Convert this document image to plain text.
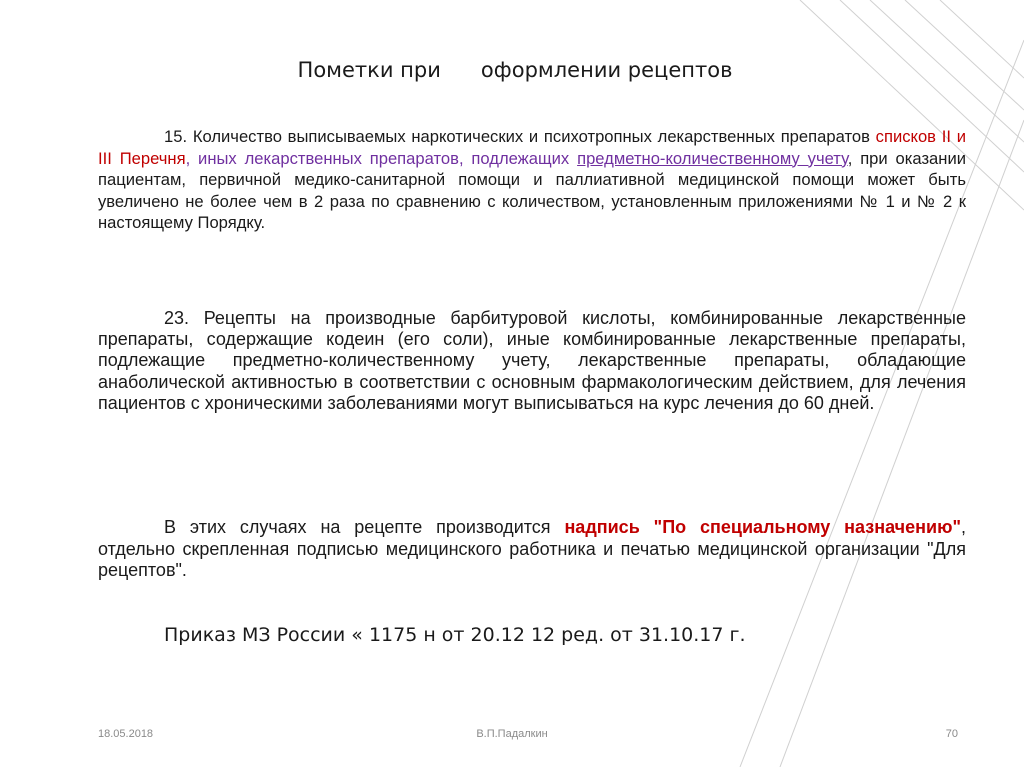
Пометки при      оформлении рецептов

15. Количество выписываемых наркотических и психотропных лекарственных препаратов списков II и III Перечня, иных лекарственных препаратов, подлежащих предметно-количественному учету, при оказании пациентам, первичной медико-санитарной помощи и паллиативной медицинской помощи может быть увеличено не более чем в 2 раза по сравнению с количеством, установленным приложениями № 1 и № 2 к настоящему Порядку.

23. Рецепты на производные барбитуровой кислоты, комбинированные лекарственные препараты, содержащие кодеин (его соли), иные комбинированные лекарственные препараты, подлежащие предметно-количественному учету, лекарственные препараты, обладающие анаболической активностью в соответствии с основным фармакологическим действием, для лечения пациентов с хроническими заболеваниями могут выписываться на курс лечения до 60 дней.

В этих случаях на рецепте производится надпись "По специальному назначению", отдельно скрепленная подписью медицинского работника и печатью медицинской организации "Для рецептов".

Приказ МЗ России « 1175 н от 20.12 12 ред. от 31.10.17 г.

18.05.2018	В.П.Падалкин	70
